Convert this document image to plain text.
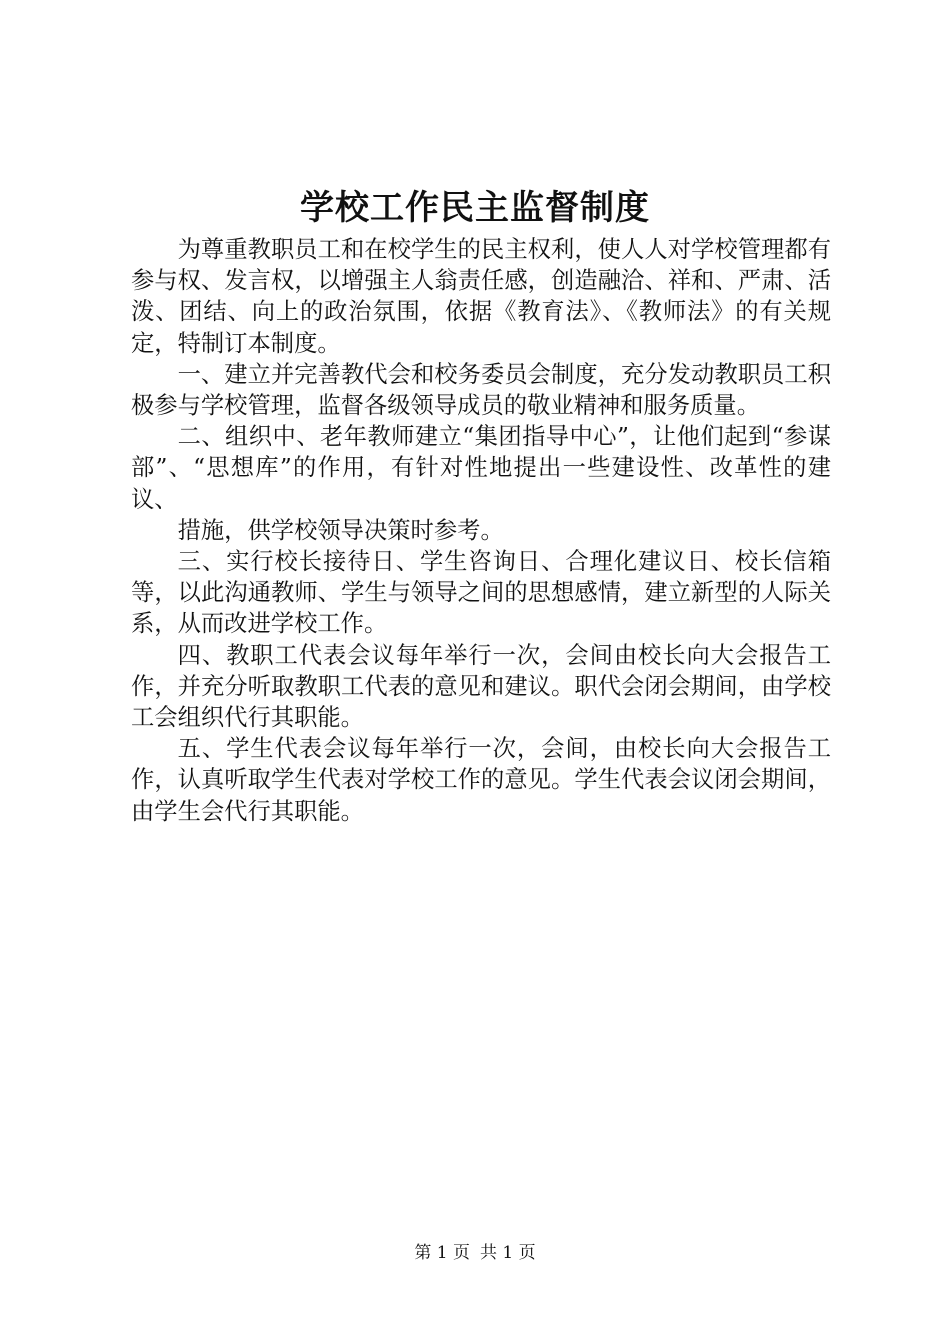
学校工作民主监督制度

为尊重教职员工和在校学生的民主权利，使人人对学校管理都有参与权、发言权，以增强主人翁责任感，创造融洽、祥和、严肃、活泼、团结、向上的政治氛围，依据《教育法》、《教师法》的有关规定，特制订本制度。

一、建立并完善教代会和校务委员会制度，充分发动教职员工积极参与学校管理，监督各级领导成员的敬业精神和服务质量。

二、组织中、老年教师建立“集团指导中心”，让他们起到“参谋部”、“思想库”的作用，有针对性地提出一些建设性、改革性的建议、

措施，供学校领导决策时参考。

三、实行校长接待日、学生咨询日、合理化建议日、校长信箱等，以此沟通教师、学生与领导之间的思想感情，建立新型的人际关系，从而改进学校工作。

四、教职工代表会议每年举行一次，会间由校长向大会报告工作，并充分听取教职工代表的意见和建议。职代会闭会期间，由学校工会组织代行其职能。

五、学生代表会议每年举行一次，会间，由校长向大会报告工作，认真听取学生代表对学校工作的意见。学生代表会议闭会期间，由学生会代行其职能。

第 1 页 共 1 页
